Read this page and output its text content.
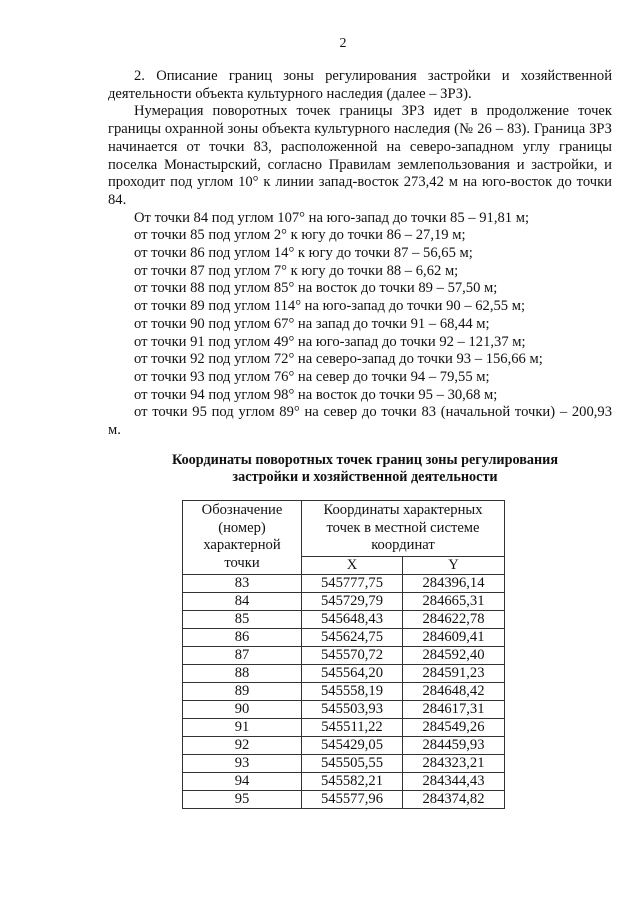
2

2. Описание границ зоны регулирования застройки и хозяйственной деятельности объекта культурного наследия (далее – ЗРЗ).

Нумерация поворотных точек границы ЗРЗ идет в продолжение точек границы охранной зоны объекта культурного наследия (№ 26 – 83). Граница ЗРЗ начинается от точки 83, расположенной на северо-западном углу границы поселка Монастырский, согласно Правилам землепользования и застройки, и проходит под углом 10° к линии запад-восток 273,42 м на юго-восток до точки 84.

От точки 84 под углом 107° на юго-запад до точки 85 – 91,81 м;

от точки 85 под углом 2° к югу до точки 86 – 27,19 м;

от точки 86 под углом 14° к югу до точки 87 – 56,65 м;

от точки 87 под углом 7° к югу до точки 88 – 6,62 м;

от точки 88 под углом 85° на восток до точки 89 – 57,50 м;

от точки 89 под углом 114° на юго-запад до точки 90 – 62,55 м;

от точки 90 под углом 67° на запад до точки 91 – 68,44 м;

от точки 91 под углом 49° на юго-запад до точки 92 – 121,37 м;

от точки 92 под углом 72° на северо-запад до точки 93 – 156,66 м;

от точки 93 под углом 76° на север до точки 94 – 79,55 м;

от точки 94 под углом 98° на восток до точки 95 – 30,68 м;

от точки 95 под углом 89° на север до точки 83 (начальной точки) – 200,93 м.

Координаты поворотных точек границ зоны регулирования застройки и хозяйственной деятельности
Обозначение (номер) характерной точки	Координаты характерных точек в местной системе координат	
	X	Y
83	545777,75	284396,14
84	545729,79	284665,31
85	545648,43	284622,78
86	545624,75	284609,41
87	545570,72	284592,40
88	545564,20	284591,23
89	545558,19	284648,42
90	545503,93	284617,31
91	545511,22	284549,26
92	545429,05	284459,93
93	545505,55	284323,21
94	545582,21	284344,43
95	545577,96	284374,82
